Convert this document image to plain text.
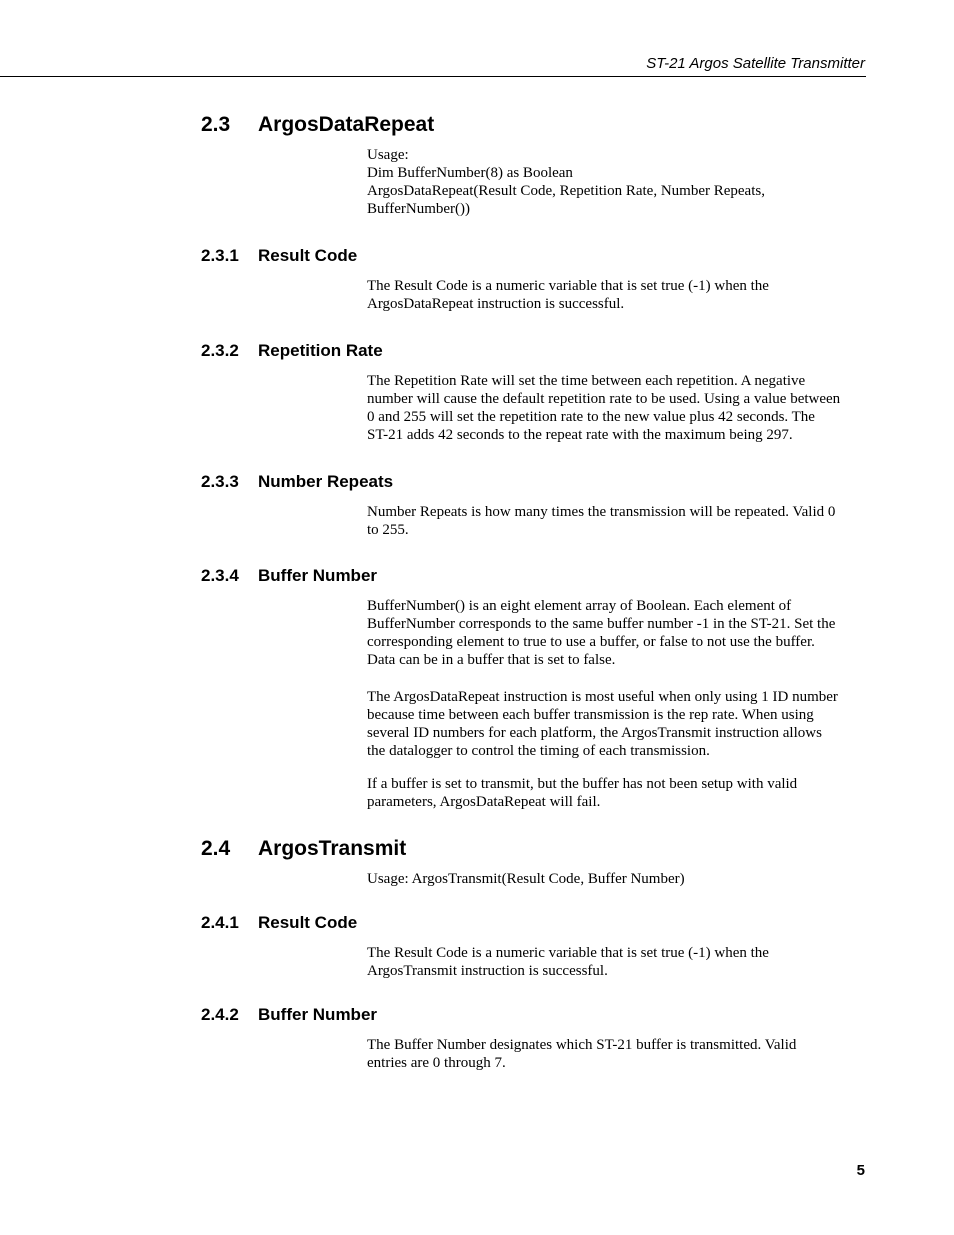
ST-21 Argos Satellite Transmitter
2.3 ArgosDataRepeat
Usage:
Dim BufferNumber(8) as Boolean
ArgosDataRepeat(Result Code, Repetition Rate, Number Repeats,
BufferNumber())
2.3.1 Result Code
The Result Code is a numeric variable that is set true (-1) when the
ArgosDataRepeat instruction is successful.
2.3.2 Repetition Rate
The Repetition Rate will set the time between each repetition. A negative
number will cause the default repetition rate to be used. Using a value between
0 and 255 will set the repetition rate to the new value plus 42 seconds. The
ST-21 adds 42 seconds to the repeat rate with the maximum being 297.
2.3.3 Number Repeats
Number Repeats is how many times the transmission will be repeated. Valid 0
to 255.
2.3.4 Buffer Number
BufferNumber() is an eight element array of Boolean. Each element of
BufferNumber corresponds to the same buffer number -1 in the ST-21. Set the
corresponding element to true to use a buffer, or false to not use the buffer.
Data can be in a buffer that is set to false.
The ArgosDataRepeat instruction is most useful when only using 1 ID number
because time between each buffer transmission is the rep rate. When using
several ID numbers for each platform, the ArgosTransmit instruction allows
the datalogger to control the timing of each transmission.
If a buffer is set to transmit, but the buffer has not been setup with valid
parameters, ArgosDataRepeat will fail.
2.4 ArgosTransmit
Usage: ArgosTransmit(Result Code, Buffer Number)
2.4.1 Result Code
The Result Code is a numeric variable that is set true (-1) when the
ArgosTransmit instruction is successful.
2.4.2 Buffer Number
The Buffer Number designates which ST-21 buffer is transmitted. Valid
entries are 0 through 7.
5
